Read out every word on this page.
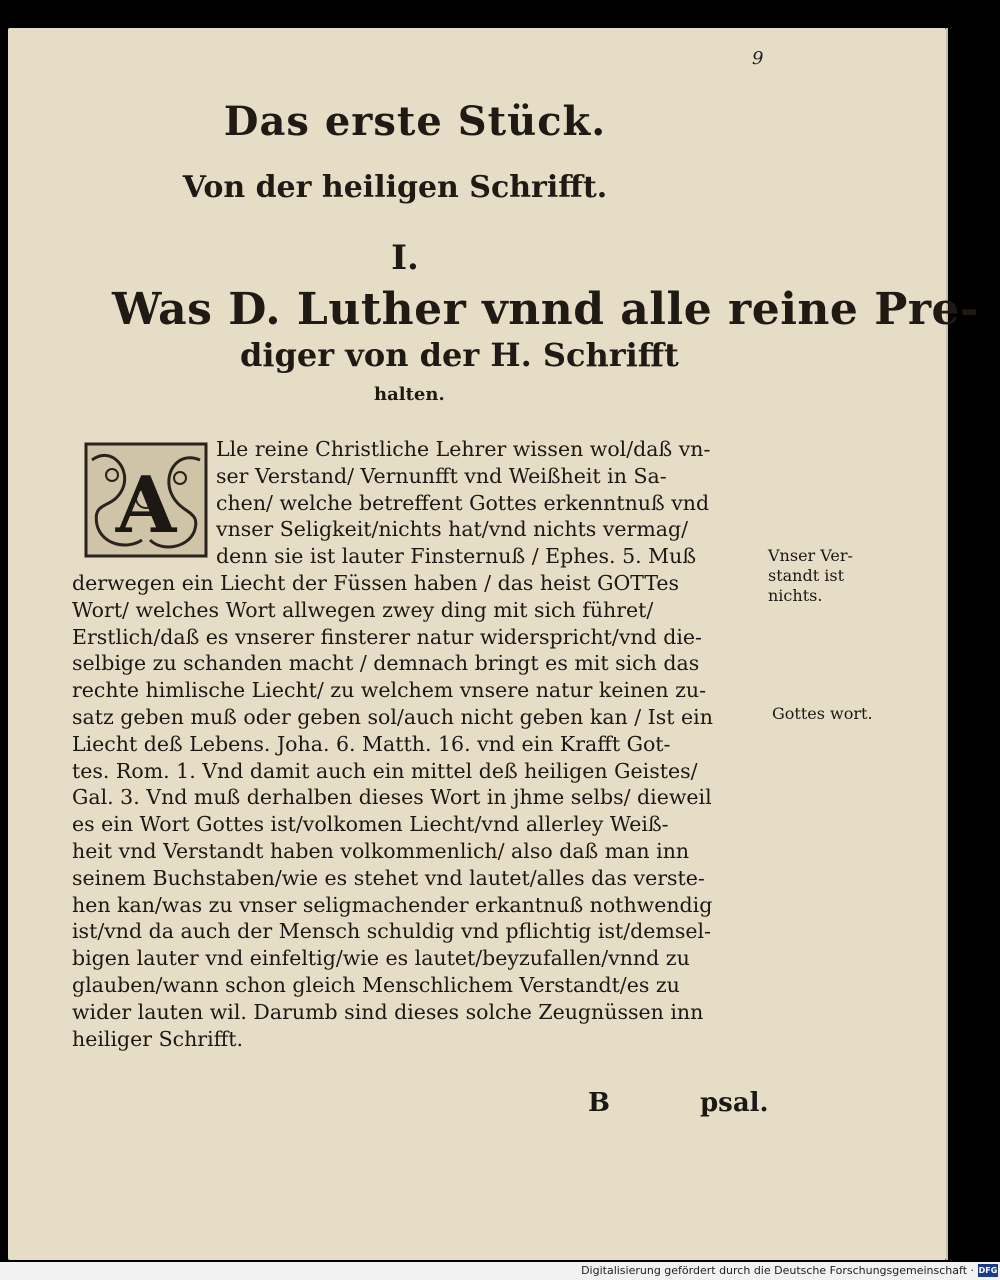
9
Das erste Stück.
Von der heiligen Schrifft.
I.
Was D. Luther vnnd alle reine Pre-
diger von der H. Schrifft
halten.
A
Lle reine Christliche Lehrer wissen wol/daß vn-
ser Verstand/ Vernunfft vnd Weißheit in Sa-
chen/ welche betreffent Gottes erkenntnuß vnd
vnser Seligkeit/nichts hat/vnd nichts vermag/
denn sie ist lauter Finsternuß / Ephes. 5. Muß
derwegen ein Liecht der Füssen haben / das heist GOTTes
Wort/ welches Wort allwegen zwey ding mit sich führet/
Erstlich/daß es vnserer finsterer natur widerspricht/vnd die-
selbige zu schanden macht / demnach bringt es mit sich das
rechte himlische Liecht/ zu welchem vnsere natur keinen zu-
satz geben muß oder geben sol/auch nicht geben kan / Ist ein
Liecht deß Lebens. Joha. 6. Matth. 16. vnd ein Krafft Got-
tes. Rom. 1. Vnd damit auch ein mittel deß heiligen Geistes/
Gal. 3. Vnd muß derhalben dieses Wort in jhme selbs/ dieweil
es ein Wort Gottes ist/volkomen Liecht/vnd allerley Weiß-
heit vnd Verstandt haben volkommenlich/ also daß man inn
seinem Buchstaben/wie es stehet vnd lautet/alles das verste-
hen kan/was zu vnser seligmachender erkantnuß nothwendig
ist/vnd da auch der Mensch schuldig vnd pflichtig ist/demsel-
bigen lauter vnd einfeltig/wie es lautet/beyzufallen/vnnd zu
glauben/wann schon gleich Menschlichem Verstandt/es zu
wider lauten wil. Darumb sind dieses solche Zeugnüssen inn
heiliger Schrifft.
Vnser Ver-
standt ist
nichts.
Gottes wort.
B	psal.
Digitalisierung gefördert durch die Deutsche Forschungsgemeinschaft · DFG
